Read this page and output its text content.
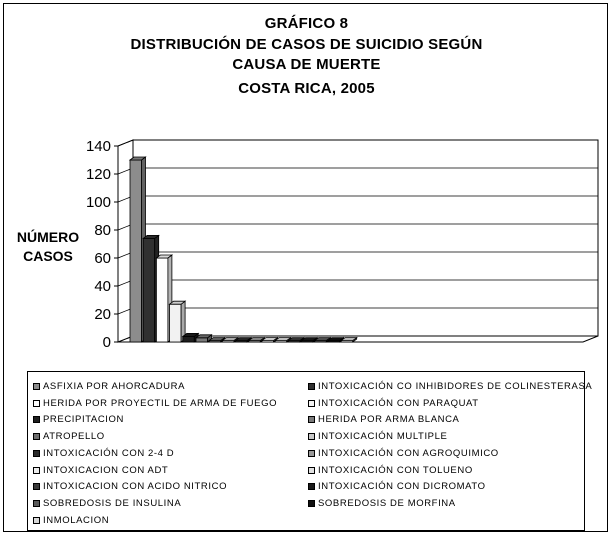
GRÁFICO 8
DISTRIBUCIÓN DE CASOS DE SUICIDIO SEGÚN
CAUSA DE MUERTE
COSTA RICA, 2005
NÚMERO
CASOS
0
20
40
60
80
100
120
140
ASFIXIA POR AHORCADURA	INTOXICACIÓN CO INHIBIDORES DE COLINESTERASA
HERIDA POR PROYECTIL DE ARMA DE FUEGO	INTOXICACIÓN CON PARAQUAT
PRECIPITACION	HERIDA POR ARMA BLANCA
ATROPELLO	INTOXICACIÓN MULTIPLE
INTOXICACIÓN CON 2-4 D	INTOXICACIÓN CON AGROQUIMICO
INTOXICACION CON ADT	INTOXICACIÓN CON TOLUENO
INTOXICACION CON ACIDO NITRICO	INTOXICACIÓN CON DICROMATO
SOBREDOSIS DE INSULINA	SOBREDOSIS DE MORFINA
INMOLACION
